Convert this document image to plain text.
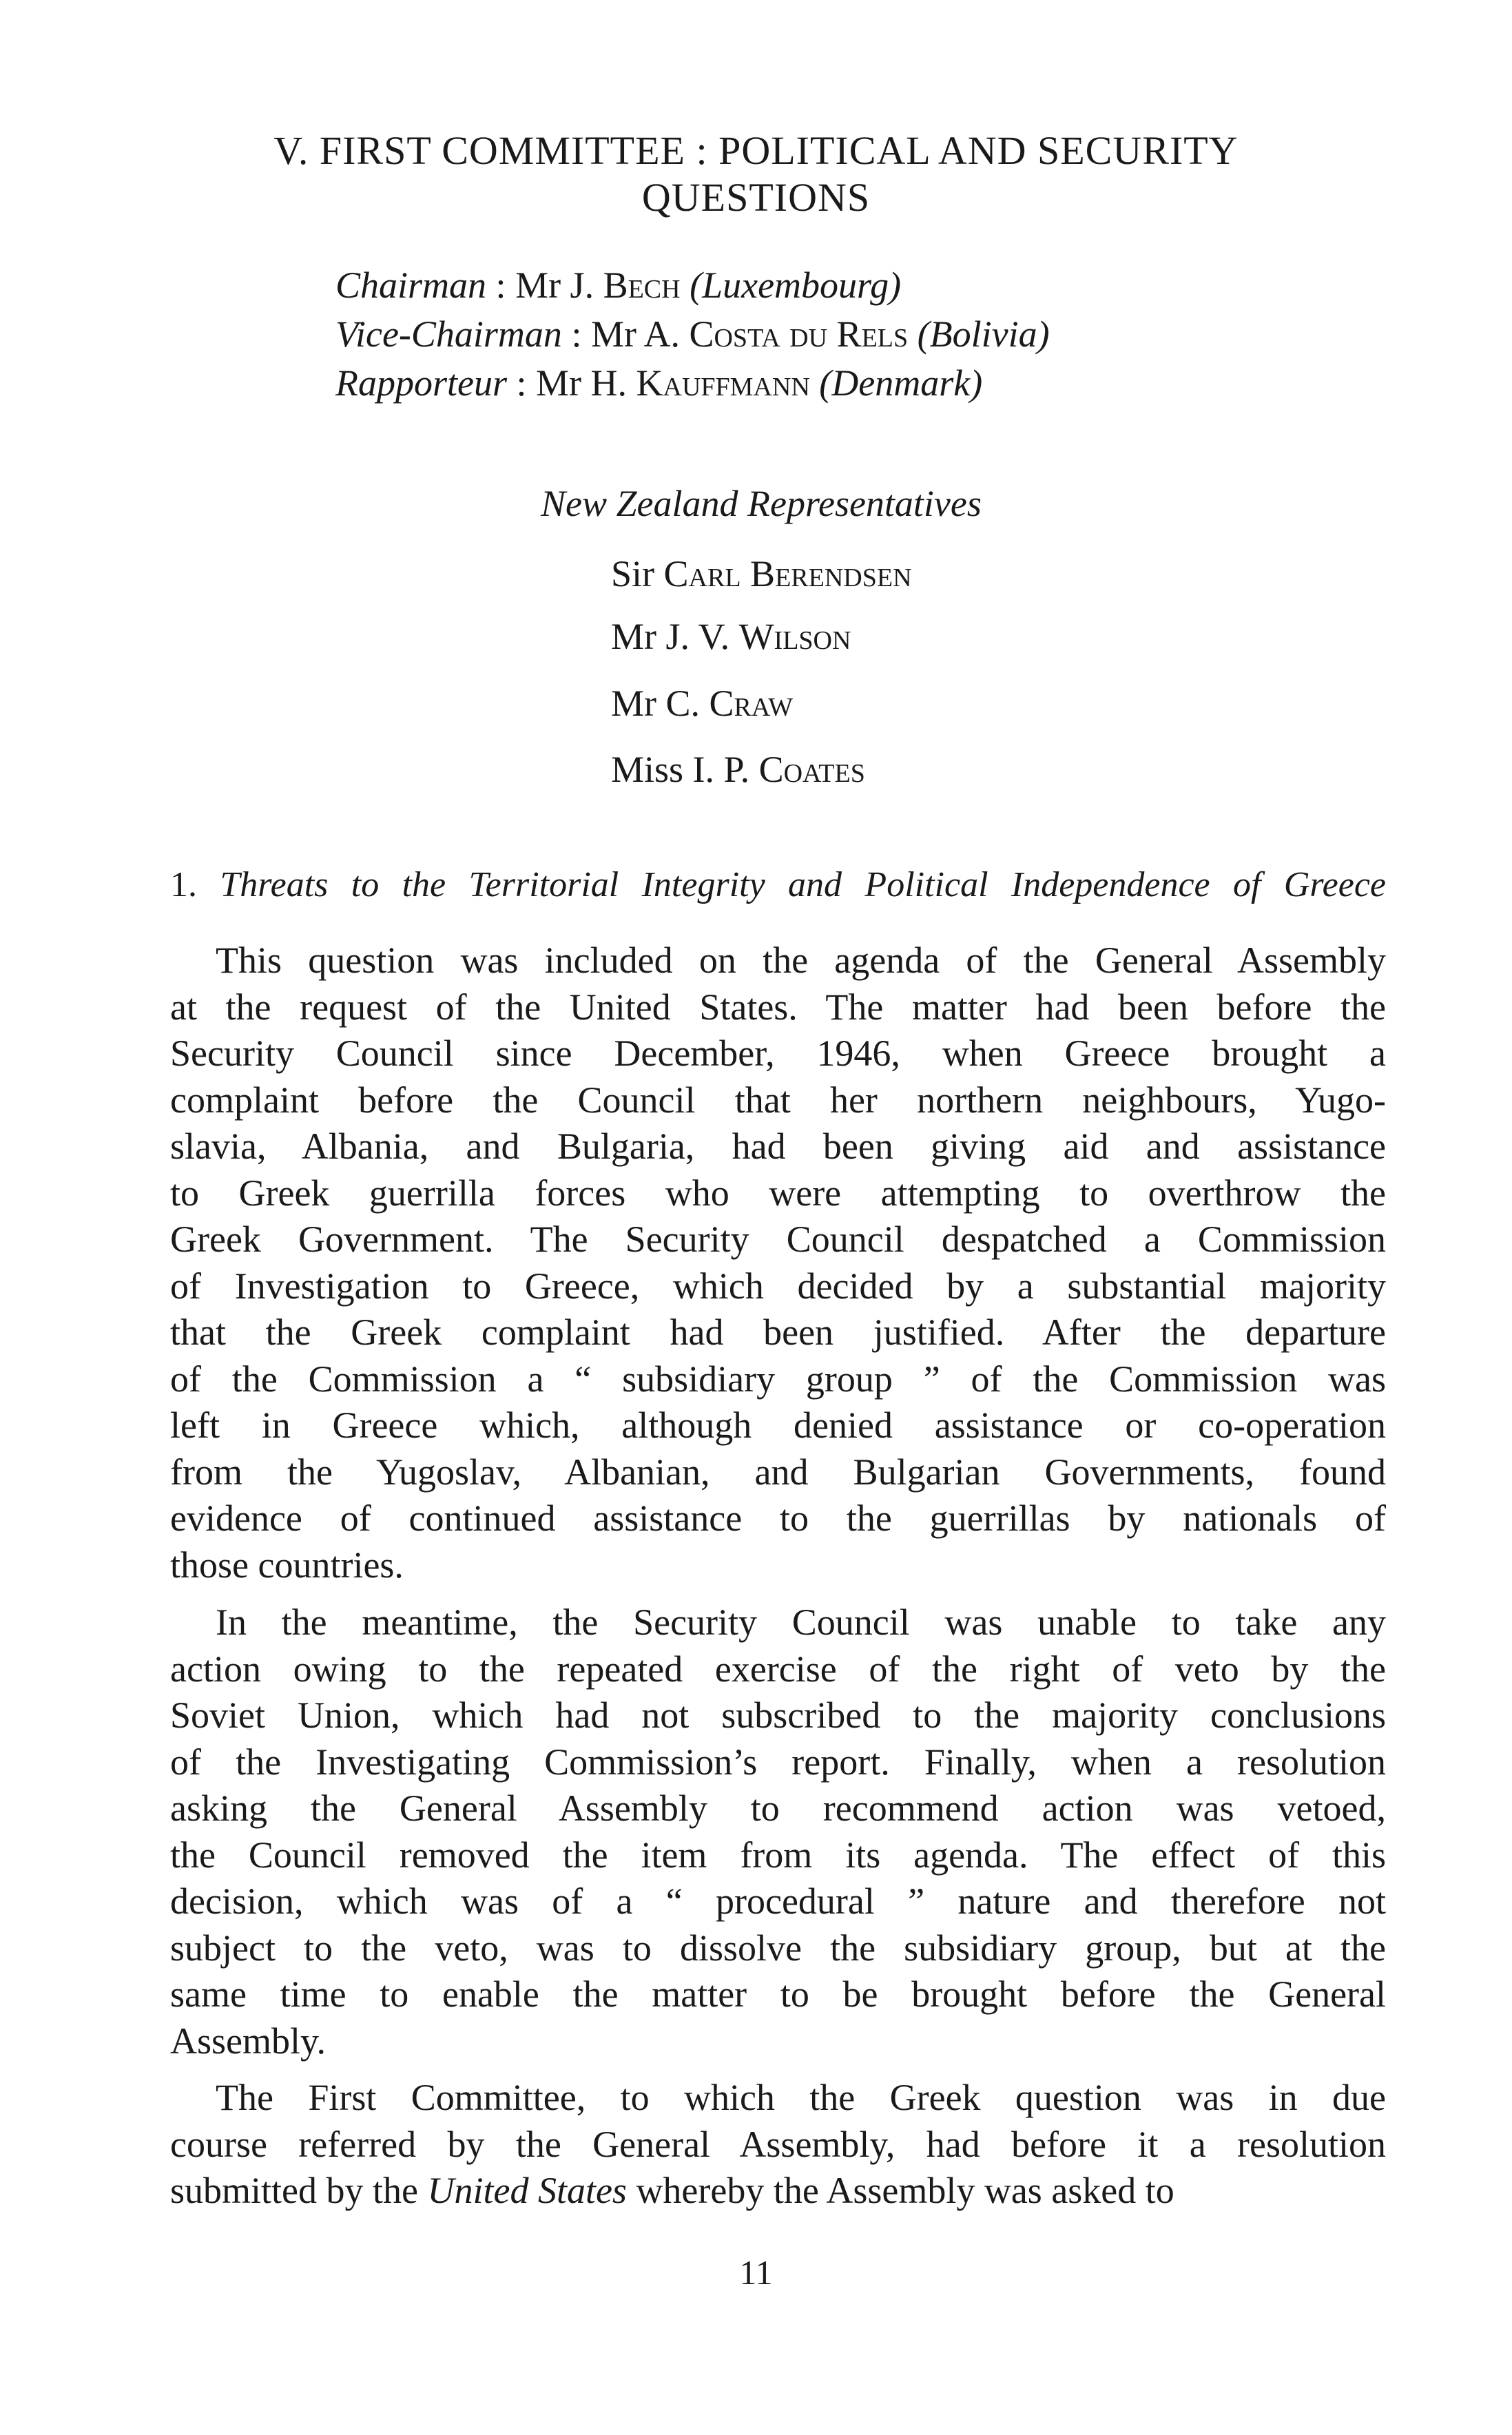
V. FIRST COMMITTEE : POLITICAL AND SECURITY
QUESTIONS
Chairman : Mr J. Bech (Luxembourg)
Vice-Chairman : Mr A. Costa du Rels (Bolivia)
Rapporteur : Mr H. Kauffmann (Denmark)
New Zealand Representatives
Sir Carl Berendsen
Mr J. V. Wilson
Mr C. Craw
Miss I. P. Coates
1. Threats to the Territorial Integrity and Political Independence of Greece
This question was included on the agenda of the General Assembly
at the request of the United States. The matter had been before the
Security Council since December, 1946, when Greece brought a
complaint before the Council that her northern neighbours, Yugo-
slavia, Albania, and Bulgaria, had been giving aid and assistance
to Greek guerrilla forces who were attempting to overthrow the
Greek Government. The Security Council despatched a Commission
of Investigation to Greece, which decided by a substantial majority
that the Greek complaint had been justified. After the departure
of the Commission a “ subsidiary group ” of the Commission was
left in Greece which, although denied assistance or co-operation
from the Yugoslav, Albanian, and Bulgarian Governments, found
evidence of continued assistance to the guerrillas by nationals of
those countries.
In the meantime, the Security Council was unable to take any
action owing to the repeated exercise of the right of veto by the
Soviet Union, which had not subscribed to the majority conclusions
of the Investigating Commission’s report. Finally, when a resolution
asking the General Assembly to recommend action was vetoed,
the Council removed the item from its agenda. The effect of this
decision, which was of a “ procedural ” nature and therefore not
subject to the veto, was to dissolve the subsidiary group, but at the
same time to enable the matter to be brought before the General
Assembly.
The First Committee, to which the Greek question was in due
course referred by the General Assembly, had before it a resolution
submitted by the United States whereby the Assembly was asked to
11
